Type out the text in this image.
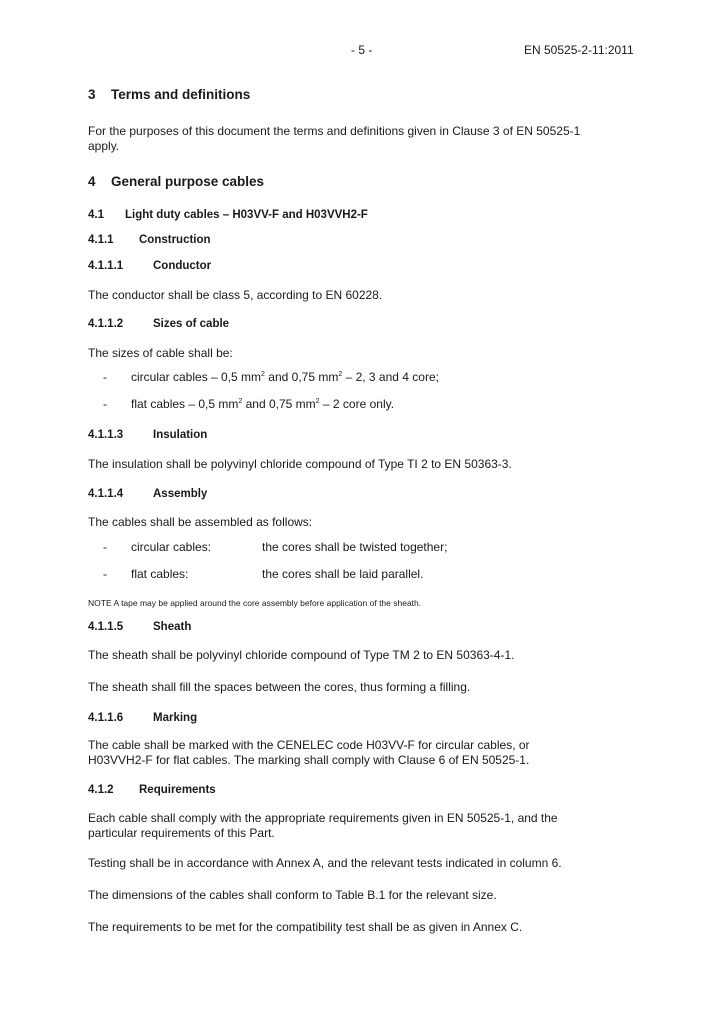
- 5 -	EN 50525-2-11:2011
3 Terms and definitions
For the purposes of this document the terms and definitions given in Clause 3 of EN 50525-1
apply.
4 General purpose cables
4.1 Light duty cables – H03VV-F and H03VVH2-F
4.1.1 Construction
4.1.1.1	Conductor
The conductor shall be class 5, according to EN 60228.
4.1.1.2	Sizes of cable
The sizes of cable shall be:
- circular cables – 0,5 $mm^2$ and 0,75 $mm^2 - 2$, 3 and 4 core;
- flat cables – 0,5 $mm^2$ and 0,75 $mm^2 - 2$ core only.
4.1.1.3	Insulation
The insulation shall be polyvinyl chloride compound of Type TI 2 to EN 50363-3.
4.1.1.4	Assembly
The cables shall be assembled as follows:
- circular cables:	the cores shall be twisted together;
- flat cables:	the cores shall be laid parallel.
NOTE A tape may be applied around the core assembly before application of the sheath.
4.1.1.5	Sheath
The sheath shall be polyvinyl chloride compound of Type TM 2 to EN 50363-4-1.
The sheath shall fill the spaces between the cores, thus forming a filling.
4.1.1.6	Marking
The cable shall be marked with the CENELEC code H03VV-F for circular cables, or
H03VVH2-F for flat cables. The marking shall comply with Clause 6 of EN 50525-1.
4.1.2 Requirements
Each cable shall comply with the appropriate requirements given in EN 50525-1, and the
particular requirements of this Part.
Testing shall be in accordance with Annex A, and the relevant tests indicated in column 6.
The dimensions of the cables shall conform to Table B.1 for the relevant size.
The requirements to be met for the compatibility test shall be as given in Annex C.
